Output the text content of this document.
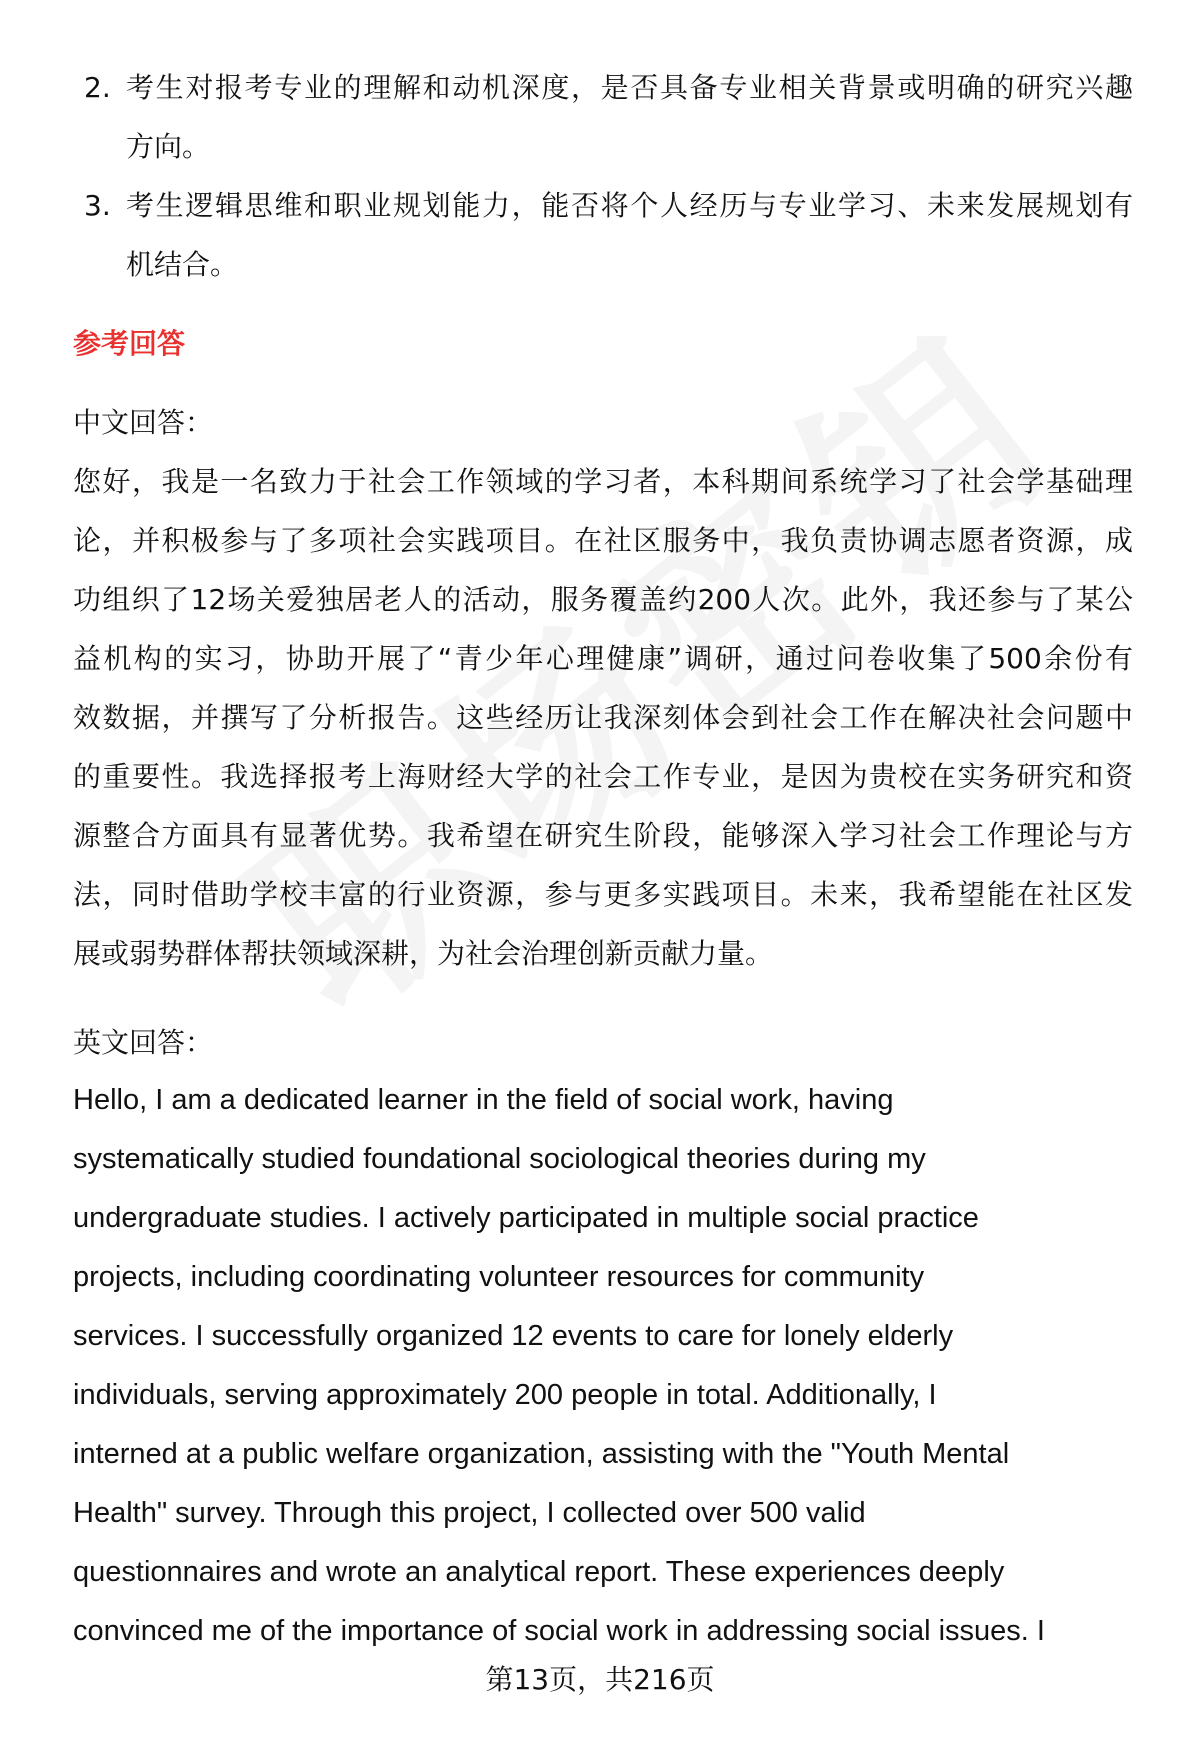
2. 考生对报考专业的理解和动机深度，是否具备专业相关背景或明确的研究兴趣
方向。
3. 考生逻辑思维和职业规划能力，能否将个人经历与专业学习、未来发展规划有
机结合。
参考回答
中文回答：
您好，我是一名致力于社会工作领域的学习者，本科期间系统学习了社会学基础理
论，并积极参与了多项社会实践项目。在社区服务中，我负责协调志愿者资源，成
功组织了12场关爱独居老人的活动，服务覆盖约200人次。此外，我还参与了某公
益机构的实习，协助开展了“青少年心理健康”调研，通过问卷收集了500余份有
效数据，并撰写了分析报告。这些经历让我深刻体会到社会工作在解决社会问题中
的重要性。我选择报考上海财经大学的社会工作专业，是因为贵校在实务研究和资
源整合方面具有显著优势。我希望在研究生阶段，能够深入学习社会工作理论与方
法，同时借助学校丰富的行业资源，参与更多实践项目。未来，我希望能在社区发
展或弱势群体帮扶领域深耕，为社会治理创新贡献力量。
英文回答：
Hello, I am a dedicated learner in the field of social work, having
systematically studied foundational sociological theories during my
undergraduate studies. I actively participated in multiple social practice
projects, including coordinating volunteer resources for community
services. I successfully organized 12 events to care for lonely elderly
individuals, serving approximately 200 people in total. Additionally, I
interned at a public welfare organization, assisting with the "Youth Mental
Health" survey. Through this project, I collected over 500 valid
questionnaires and wrote an analytical report. These experiences deeply
convinced me of the importance of social work in addressing social issues. I
第13页，共216页
